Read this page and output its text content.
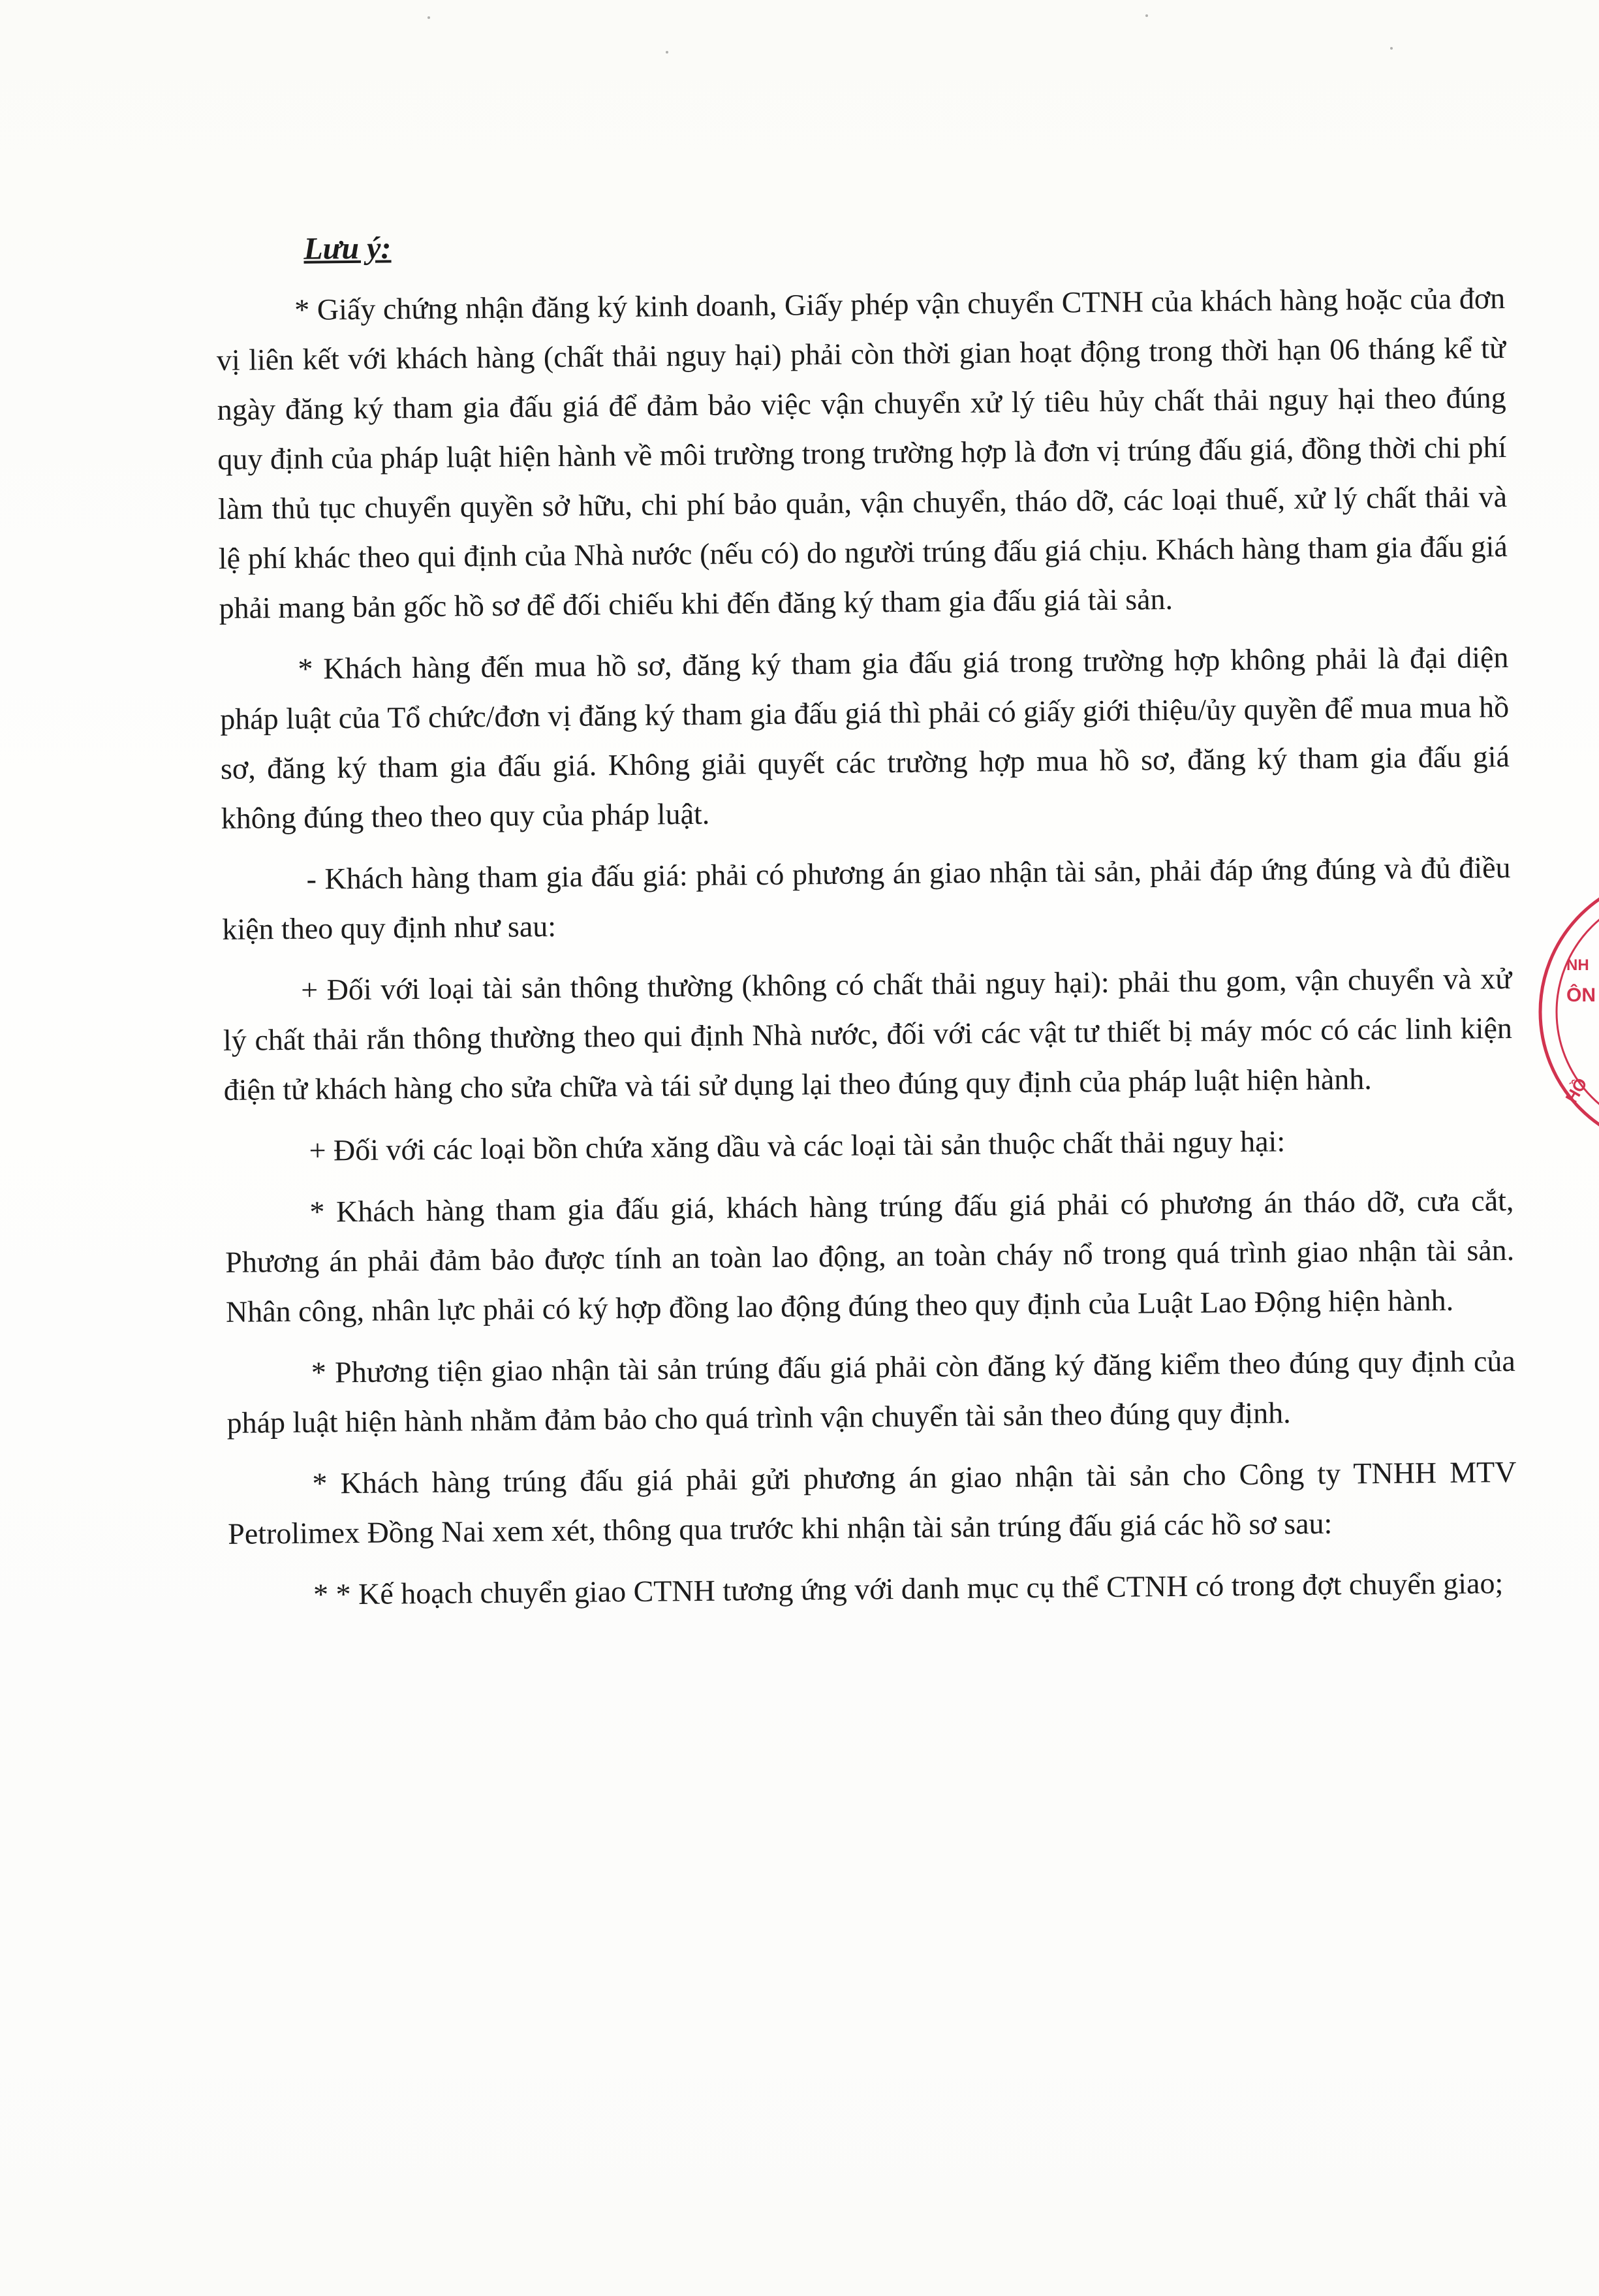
Lưu ý:

* Giấy chứng nhận đăng ký kinh doanh, Giấy phép vận chuyển CTNH của khách hàng hoặc của đơn vị liên kết với khách hàng (chất thải nguy hại) phải còn thời gian hoạt động trong thời hạn 06 tháng kể từ ngày đăng ký tham gia đấu giá để đảm bảo việc vận chuyển xử lý tiêu hủy chất thải nguy hại theo đúng quy định của pháp luật hiện hành về môi trường trong trường hợp là đơn vị trúng đấu giá, đồng thời chi phí làm thủ tục chuyển quyền sở hữu, chi phí bảo quản, vận chuyển, tháo dỡ, các loại thuế, xử lý chất thải và lệ phí khác theo qui định của Nhà nước (nếu có) do người trúng đấu giá chịu. Khách hàng tham gia đấu giá phải mang bản gốc hồ sơ để đối chiếu khi đến đăng ký tham gia đấu giá tài sản.

* Khách hàng đến mua hồ sơ, đăng ký tham gia đấu giá trong trường hợp không phải là đại diện pháp luật của Tổ chức/đơn vị đăng ký tham gia đấu giá thì phải có giấy giới thiệu/ủy quyền để mua mua hồ sơ, đăng ký tham gia đấu giá. Không giải quyết các trường hợp mua hồ sơ, đăng ký tham gia đấu giá không đúng theo theo quy của pháp luật.

- Khách hàng tham gia đấu giá: phải có phương án giao nhận tài sản, phải đáp ứng đúng và đủ điều kiện theo quy định như sau:

+ Đối với loại tài sản thông thường (không có chất thải nguy hại): phải thu gom, vận chuyển và xử lý chất thải rắn thông thường theo qui định Nhà nước, đối với các vật tư thiết bị máy móc có các linh kiện điện tử khách hàng cho sửa chữa và tái sử dụng lại theo đúng quy định của pháp luật hiện hành.

+ Đối với các loại bồn chứa xăng dầu và các loại tài sản thuộc chất thải nguy hại:

* Khách hàng tham gia đấu giá, khách hàng trúng đấu giá phải có phương án tháo dỡ, cưa cắt, Phương án phải đảm bảo được tính an toàn lao động, an toàn cháy nổ trong quá trình giao nhận tài sản. Nhân công, nhân lực phải có ký hợp đồng lao động đúng theo quy định của Luật Lao Động hiện hành.

* Phương tiện giao nhận tài sản trúng đấu giá phải còn đăng ký đăng kiểm theo đúng quy định của pháp luật hiện hành nhằm đảm bảo cho quá trình vận chuyển tài sản theo đúng quy định.

* Khách hàng trúng đấu giá phải gửi phương án giao nhận tài sản cho Công ty TNHH MTV Petrolimex Đồng Nai xem xét, thông qua trước khi nhận tài sản trúng đấu giá các hồ sơ sau:

* * Kế hoạch chuyển giao CTNH tương ứng với danh mục cụ thể CTNH có trong đợt chuyển giao;

NH
ÔN
HỒ
